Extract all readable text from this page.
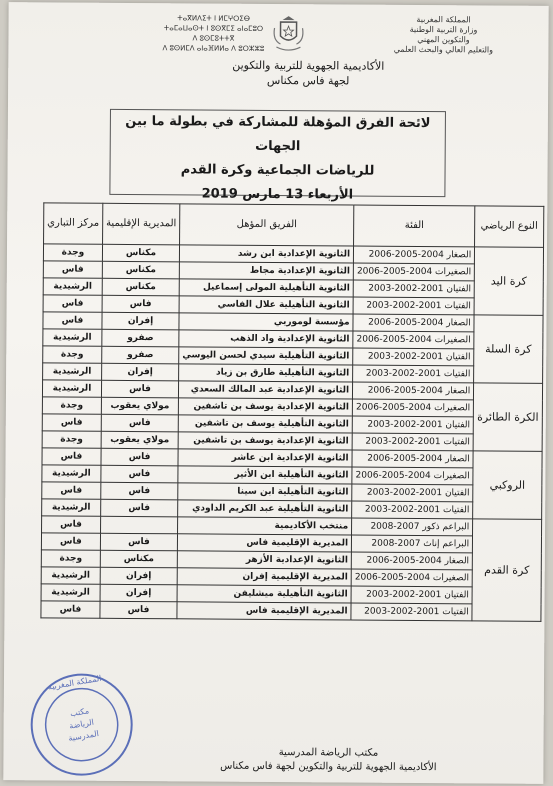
المملكة المغربية
وزارة التربية الوطنية
والتكوين المهني
والتعليم العالي والبحث العلمي
ⵜⴰⴳⵍⴷⵉⵜ ⵏ ⵍⵎⵖⵔⵉⴱ
ⵜⴰⵎⴰⵡⴰⵙⵜ ⵏ ⵓⵙⴳⵎⵉ ⴰⵏⴰⵎⵓⵔ
ⴷ ⵓⵙⵎⵓⵜⵜⴳ
ⴷ ⵓⵙⵍⵎⴷ ⴰⵏⴰⴼⵍⵍⴰ ⴷ ⵓⵔⵣⵣⵓ
الأكاديمية الجهوية للتربية والتكوين
لجهة فاس مكناس
لائحة الفرق المؤهلة للمشاركة في بطولة ما بين الجهات
للرياضات الجماعية وكرة القدم
الأربعاء 13 مارس 2019
النوع الرياضي	الفئة	الفريق المؤهل	المديرية الإقليمية	مركز التباري
كرة اليد	الصغار 2004-2005-2006	الثانوية الإعدادية ابن رشد	مكناس	وجدة
	الصغيرات 2004-2005-2006	الثانوية الإعدادية مجاط	مكناس	فاس
	الفتيان 2001-2002-2003	الثانوية التأهيلية المولى إسماعيل	مكناس	الرشيدية
	الفتيات 2001-2002-2003	الثانوية التأهيلية علال الفاسي	فاس	فاس
كرة السلة	الصغار 2004-2005-2006	مؤسسة لوموريي	إفران	فاس
	الصغيرات 2004-2005-2006	الثانوية الإعدادية واد الذهب	صفرو	الرشيدية
	الفتيان 2001-2002-2003	الثانوية التأهيلية سيدي لحسن اليوسي	صفرو	وجدة
	الفتيات 2001-2002-2003	الثانوية التأهيلية طارق بن زياد	إفران	الرشيدية
الكرة الطائرة	الصغار 2004-2005-2006	الثانوية الإعدادية عبد المالك السعدي	فاس	الرشيدية
	الصغيرات 2004-2005-2006	الثانوية الإعدادية يوسف بن تاشفين	مولاي يعقوب	وجدة
	الفتيان 2001-2002-2003	الثانوية التأهيلية يوسف بن تاشفين	فاس	فاس
	الفتيات 2001-2002-2003	الثانوية الإعدادية يوسف بن تاشفين	مولاي يعقوب	وجدة
الروكبي	الصغار 2004-2005-2006	الثانوية الإعدادية ابن عاشر	فاس	فاس
	الصغيرات 2004-2005-2006	الثانوية التأهيلية ابن الأثير	فاس	الرشيدية
	الفتيان 2001-2002-2003	الثانوية التأهيلية ابن سينا	فاس	فاس
	الفتيات 2001-2002-2003	الثانوية التأهيلية عبد الكريم الداودي	فاس	الرشيدية
كرة القدم	البراعم ذكور 2007-2008	منتخب الأكاديمية		فاس
	البراعم إناث 2007-2008	المديرية الإقليمية فاس	فاس	فاس
	الصغار 2004-2005-2006	الثانوية الإعدادية الأزهر	مكناس	وجدة
	الصغيرات 2004-2005-2006	المديرية الإقليمية إفران	إفران	الرشيدية
	الفتيان 2001-2002-2003	الثانوية التأهيلية ميشليفن	إفران	الرشيدية
	الفتيات 2001-2002-2003	المديرية الإقليمية فاس	فاس	فاس
المملكة المغربية
مكتب
الرياضة
المدرسية
مكتب الرياضة المدرسية
الأكاديمية الجهوية للتربية والتكوين لجهة فاس مكناس
